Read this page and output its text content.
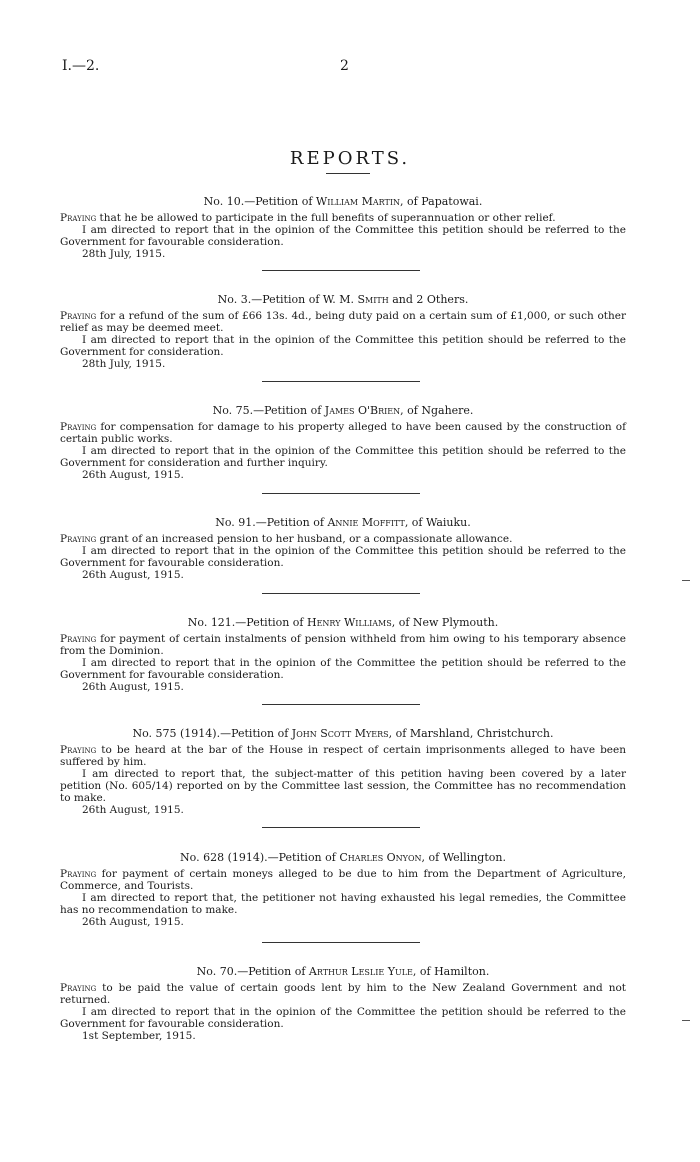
I.—2.	2
REPORTS.
No. 10.—Petition of William Martin, of Papatowai.

Praying that he be allowed to participate in the full benefits of superannuation or other relief.

I am directed to report that in the opinion of the Committee this petition should be referred to the Government for favourable consideration.

28th July, 1915.

No. 3.—Petition of W. M. Smith and 2 Others.

Praying for a refund of the sum of £66 13s. 4d., being duty paid on a certain sum of £1,000, or such other relief as may be deemed meet.

I am directed to report that in the opinion of the Committee this petition should be referred to the Government for consideration.

28th July, 1915.

No. 75.—Petition of James O'Brien, of Ngahere.

Praying for compensation for damage to his property alleged to have been caused by the construction of certain public works.

I am directed to report that in the opinion of the Committee this petition should be referred to the Government for consideration and further inquiry.

26th August, 1915.

No. 91.—Petition of Annie Moffitt, of Waiuku.

Praying grant of an increased pension to her husband, or a compassionate allowance.

I am directed to report that in the opinion of the Committee this petition should be referred to the Government for favourable consideration.

26th August, 1915.

No. 121.—Petition of Henry Williams, of New Plymouth.

Praying for payment of certain instalments of pension withheld from him owing to his temporary absence from the Dominion.

I am directed to report that in the opinion of the Committee the petition should be referred to the Government for favourable consideration.

26th August, 1915.

No. 575 (1914).—Petition of John Scott Myers, of Marshland, Christchurch.

Praying to be heard at the bar of the House in respect of certain imprisonments alleged to have been suffered by him.

I am directed to report that, the subject-matter of this petition having been covered by a later petition (No. 605/14) reported on by the Committee last session, the Committee has no recommendation to make.

26th August, 1915.

No. 628 (1914).—Petition of Charles Onyon, of Wellington.

Praying for payment of certain moneys alleged to be due to him from the Department of Agriculture, Commerce, and Tourists.

I am directed to report that, the petitioner not having exhausted his legal remedies, the Committee has no recommendation to make.

26th August, 1915.

No. 70.—Petition of Arthur Leslie Yule, of Hamilton.

Praying to be paid the value of certain goods lent by him to the New Zealand Government and not returned.

I am directed to report that in the opinion of the Committee the petition should be referred to the Government for favourable consideration.

1st September, 1915.
